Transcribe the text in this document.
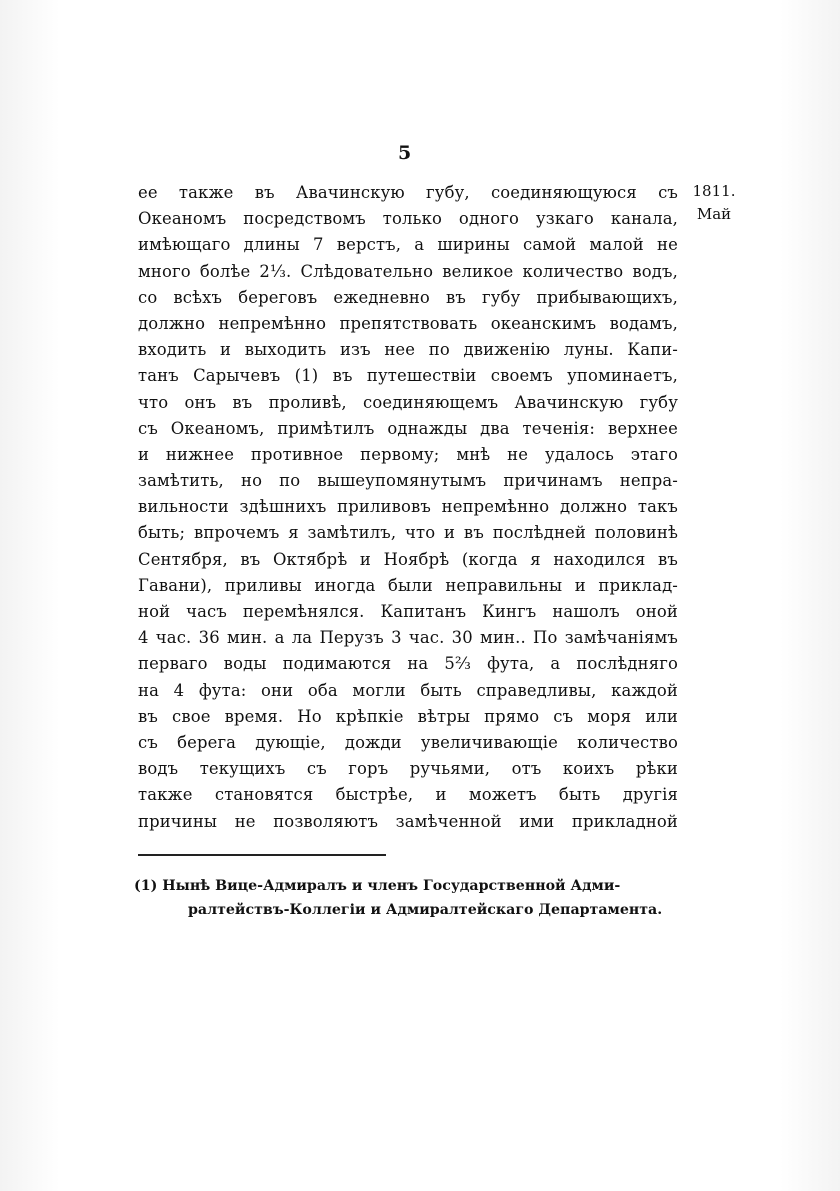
5
1811.
Май
ее также въ Авачинскую губу, соединяющуюся съ
Океаномъ посредствомъ только одного узкаго канала,
имѣющаго длины 7 верстъ, а ширины самой малой не
много болѣе 2⅓. Слѣдовательно великое количество водъ,
со всѣхъ береговъ ежедневно въ губу прибывающихъ,
должно непремѣнно препятствовать океанскимъ водамъ,
входить и выходить изъ нее по движенію луны. Капи-
танъ Сарычевъ (1) въ путешествіи своемъ упоминаетъ,
что онъ въ проливѣ, соединяющемъ Авачинскую губу
съ Океаномъ, примѣтилъ однажды два теченія: верхнее
и нижнее противное первому; мнѣ не удалось этаго
замѣтить, но по вышеупомянутымъ причинамъ непра-
вильности здѣшнихъ приливовъ непремѣнно должно такъ
быть; впрочемъ я замѣтилъ, что и въ послѣдней половинѣ
Сентября, въ Октябрѣ и Ноябрѣ (когда я находился въ
Гавани), приливы иногда были неправильны и приклад-
ной часъ перемѣнялся. Капитанъ Кингъ нашолъ оной
4 час. 36 мин. а ла Перузъ 3 час. 30 мин.. По замѣчаніямъ
перваго воды подимаются на 5⅔ фута, а послѣдняго
на 4 фута: они оба могли быть справедливы, каждой
въ свое время. Но крѣпкіе вѣтры прямо съ моря или
съ берега дующіе, дожди увеличивающіе количество
водъ текущихъ съ горъ ручьями, отъ коихъ рѣки
также становятся быстрѣе, и можетъ быть другія
причины не позволяютъ замѣченной ими прикладной
(1) Нынѣ Вице-Адмиралъ и членъ Государственной Адми-
ралтействъ-Коллегіи и Адмиралтейскаго Департамента.
